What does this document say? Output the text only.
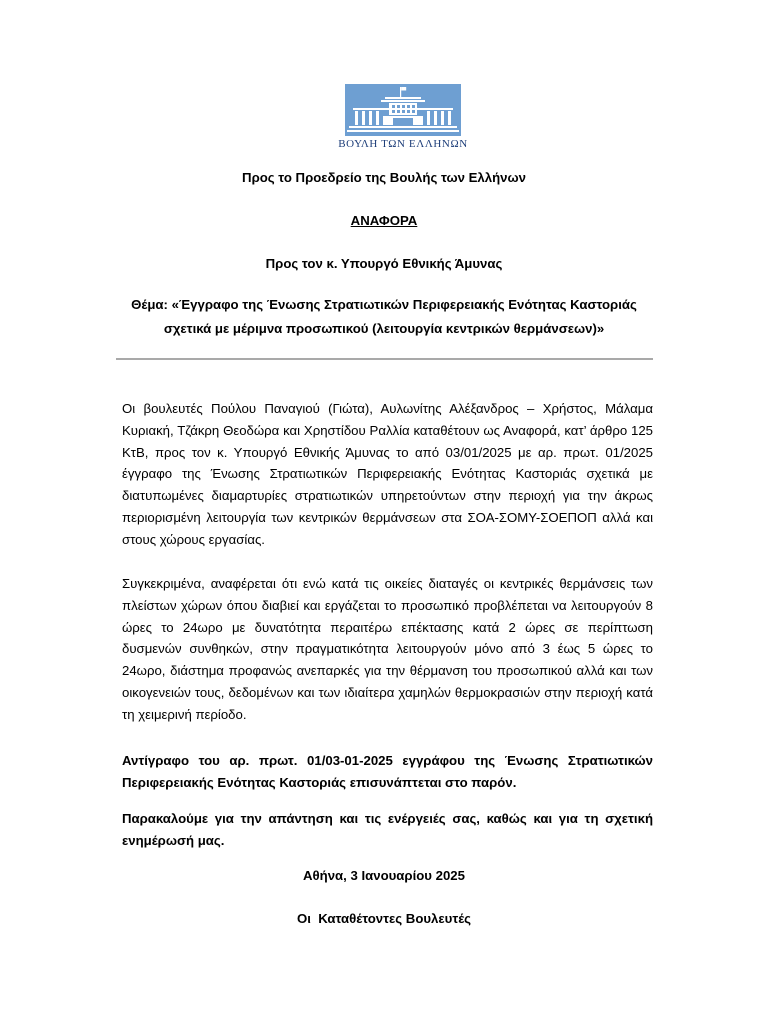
ΒΟΥΛΗ ΤΩΝ ΕΛΛΗΝΩΝ
Προς το Προεδρείο της Βουλής των Ελλήνων
ΑΝΑΦΟΡΑ
Προς τον κ. Υπουργό Εθνικής Άμυνας
Θέμα: «Έγγραφο της Ένωσης Στρατιωτικών Περιφερειακής Ενότητας Καστοριάς
σχετικά με μέριμνα προσωπικού (λειτουργία κεντρικών θερμάνσεων)»
Οι βουλευτές Πούλου Παναγιού (Γιώτα), Αυλωνίτης Αλέξανδρος – Χρήστος, Μάλαμα Κυριακή, Τζάκρη Θεοδώρα και Χρηστίδου Ραλλία καταθέτουν ως Αναφορά, κατ’ άρθρο 125 ΚτΒ, προς τον κ. Υπουργό Εθνικής Άμυνας το από 03/01/2025 με αρ. πρωτ. 01/2025 έγγραφο της Ένωσης Στρατιωτικών Περιφερειακής Ενότητας Καστοριάς σχετικά με διατυπωμένες διαμαρτυρίες στρατιωτικών υπηρετούντων στην περιοχή για την άκρως περιορισμένη λειτουργία των κεντρικών θερμάνσεων στα ΣΟΑ-ΣΟΜΥ-ΣΟΕΠΟΠ αλλά και στους χώρους εργασίας.
Συγκεκριμένα, αναφέρεται ότι ενώ κατά τις οικείες διαταγές οι κεντρικές θερμάνσεις των πλείστων χώρων όπου διαβιεί και εργάζεται το προσωπικό προβλέπεται να λειτουργούν 8 ώρες το 24ωρο με δυνατότητα περαιτέρω επέκτασης κατά 2 ώρες σε περίπτωση δυσμενών συνθηκών, στην πραγματικότητα λειτουργούν μόνο από 3 έως 5 ώρες το 24ωρο, διάστημα προφανώς ανεπαρκές για την θέρμανση του προσωπικού αλλά και των οικογενειών τους, δεδομένων και των ιδιαίτερα χαμηλών θερμοκρασιών στην περιοχή κατά τη χειμερινή περίοδο.
Αντίγραφο του αρ. πρωτ. 01/03-01-2025 εγγράφου της Ένωσης Στρατιωτικών Περιφερειακής Ενότητας Καστοριάς επισυνάπτεται στο παρόν.
Παρακαλούμε για την απάντηση και τις ενέργειές σας, καθώς και για τη σχετική ενημέρωσή μας.
Αθήνα, 3 Ιανουαρίου 2025
Οι  Καταθέτοντες Βουλευτές
